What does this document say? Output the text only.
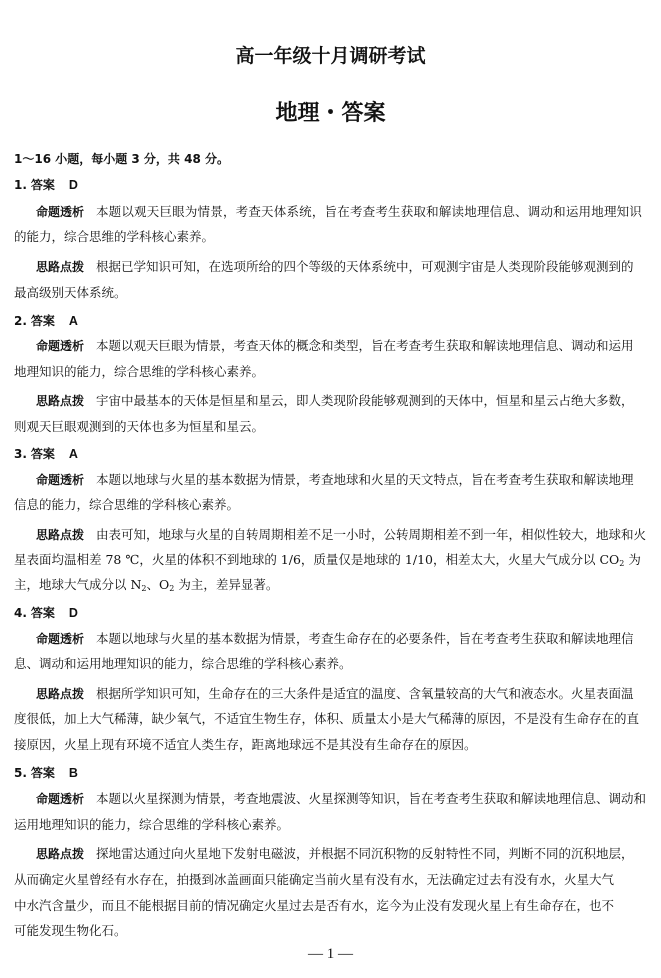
高一年级十月调研考试
地理・答案
1～16 小题，每小题 3 分，共 48 分。
1. 答案 D
命题透析 本题以观天巨眼为情景，考查天体系统，旨在考查考生获取和解读地理信息、调动和运用地理知识
的能力，综合思维的学科核心素养。
思路点拨 根据已学知识可知，在选项所给的四个等级的天体系统中，可观测宇宙是人类现阶段能够观测到的
最高级别天体系统。
2. 答案 A
命题透析 本题以观天巨眼为情景，考查天体的概念和类型，旨在考查考生获取和解读地理信息、调动和运用
地理知识的能力，综合思维的学科核心素养。
思路点拨 宇宙中最基本的天体是恒星和星云，即人类现阶段能够观测到的天体中，恒星和星云占绝大多数，
则观天巨眼观测到的天体也多为恒星和星云。
3. 答案 A
命题透析 本题以地球与火星的基本数据为情景，考查地球和火星的天文特点，旨在考查考生获取和解读地理
信息的能力，综合思维的学科核心素养。
思路点拨 由表可知，地球与火星的自转周期相差不足一小时，公转周期相差不到一年，相似性较大，地球和火
星表面均温相差 78 ℃，火星的体积不到地球的 1/6，质量仅是地球的 1/10，相差太大，火星大气成分以 $CO_2$ 为
主，地球大气成分以 $N_2$、$O_2$ 为主，差异显著。
4. 答案 D
命题透析 本题以地球与火星的基本数据为情景，考查生命存在的必要条件，旨在考查考生获取和解读地理信
息、调动和运用地理知识的能力，综合思维的学科核心素养。
思路点拨 根据所学知识可知，生命存在的三大条件是适宜的温度、含氧量较高的大气和液态水。火星表面温
度很低，加上大气稀薄，缺少氧气，不适宜生物生存，体积、质量太小是大气稀薄的原因，不是没有生命存在的直
接原因，火星上现有环境不适宜人类生存，距离地球远不是其没有生命存在的原因。
5. 答案 B
命题透析 本题以火星探测为情景，考查地震波、火星探测等知识，旨在考查考生获取和解读地理信息、调动和
运用地理知识的能力，综合思维的学科核心素养。
思路点拨 探地雷达通过向火星地下发射电磁波，并根据不同沉积物的反射特性不同，判断不同的沉积地层，
从而确定火星曾经有水存在，拍摄到冰盖画面只能确定当前火星有没有水，无法确定过去有没有水，火星大气
中水汽含量少，而且不能根据目前的情况确定火星过去是否有水，迄今为止没有发现火星上有生命存在，也不
可能发现生物化石。
— 1 —
